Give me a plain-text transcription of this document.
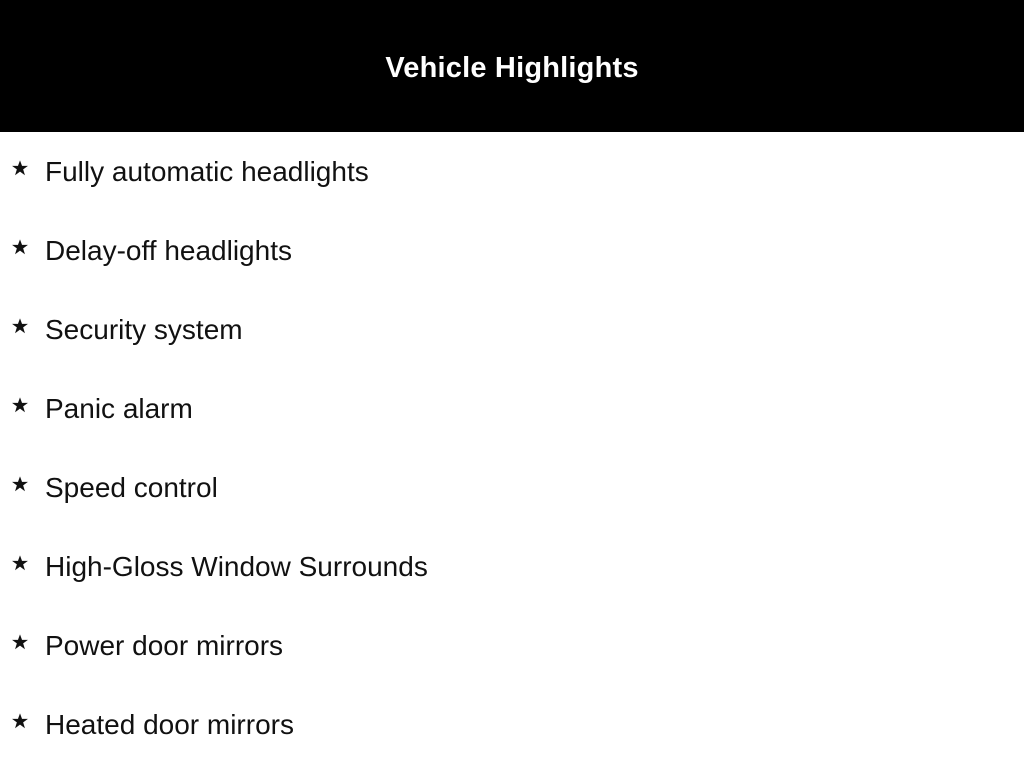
Vehicle Highlights
Fully automatic headlights
Delay-off headlights
Security system
Panic alarm
Speed control
High-Gloss Window Surrounds
Power door mirrors
Heated door mirrors
